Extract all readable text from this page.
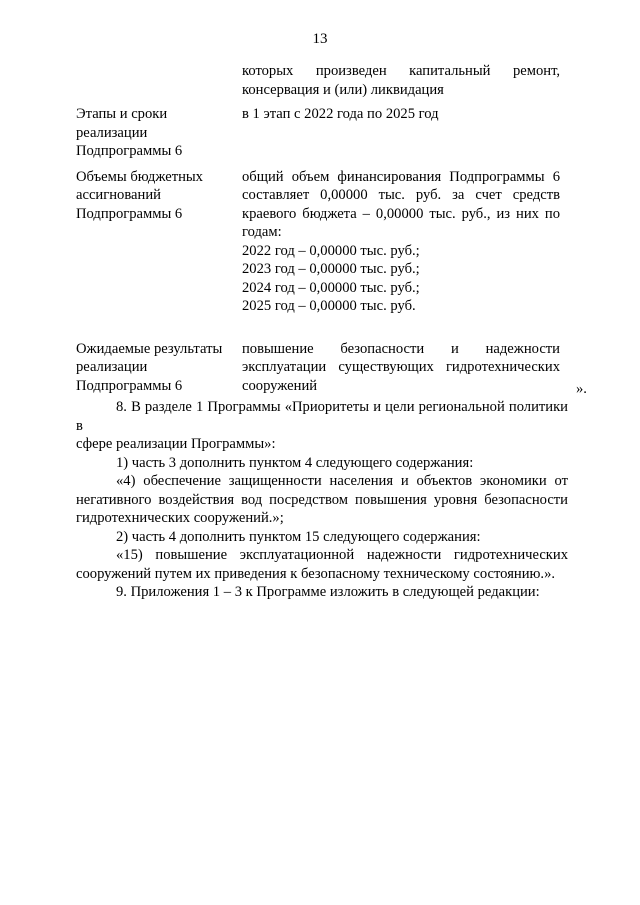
13
которых произведен капитальный ремонт,
консервация и (или) ликвидация
Этапы и сроки реализации Подпрограммы 6
в 1 этап с 2022 года по 2025 год
Объемы бюджетных ассигнований Подпрограммы 6
общий объем финансирования Подпрограммы 6
составляет 0,00000 тыс. руб. за счет средств
краевого бюджета – 0,00000 тыс. руб., из них по
годам:
2022 год – 0,00000 тыс. руб.;
2023 год – 0,00000 тыс. руб.;
2024 год – 0,00000 тыс. руб.;
2025 год – 0,00000 тыс. руб.
Ожидаемые результаты реализации Подпрограммы 6
повышение безопасности и надежности
эксплуатации существующих гидротехнических
сооружений	».
8. В разделе 1 Программы «Приоритеты и цели региональной политики в
сфере реализации Программы»:
1) часть 3 дополнить пунктом 4 следующего содержания:
«4) обеспечение защищенности населения и объектов экономики от
негативного воздействия вод посредством повышения уровня безопасности
гидротехнических сооружений.»;
2) часть 4 дополнить пунктом 15 следующего содержания:
«15) повышение эксплуатационной надежности гидротехнических
сооружений путем их приведения к безопасному техническому состоянию.».
9. Приложения 1 – 3 к Программе изложить в следующей редакции:
